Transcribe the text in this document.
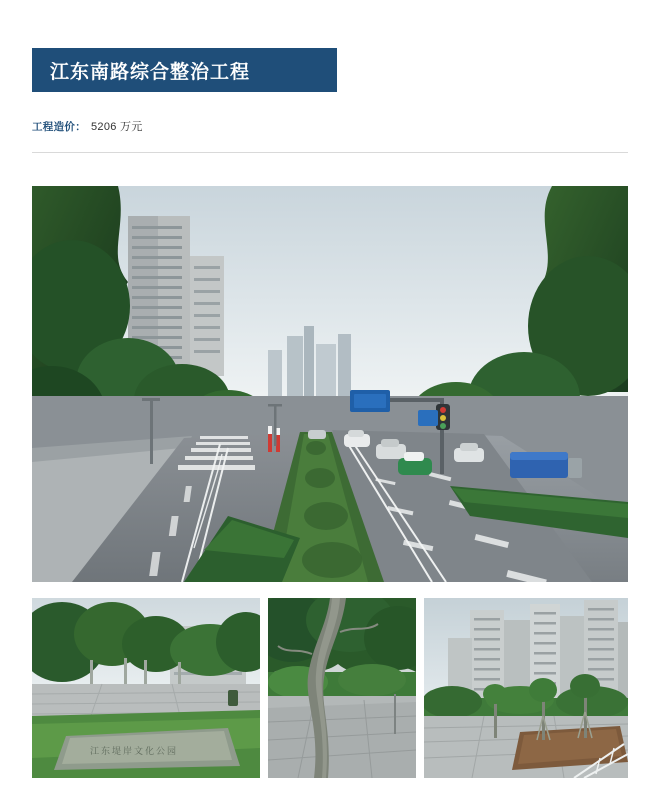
江东南路综合整治工程
工程造价： 5206 万元
江东堤岸文化公园
